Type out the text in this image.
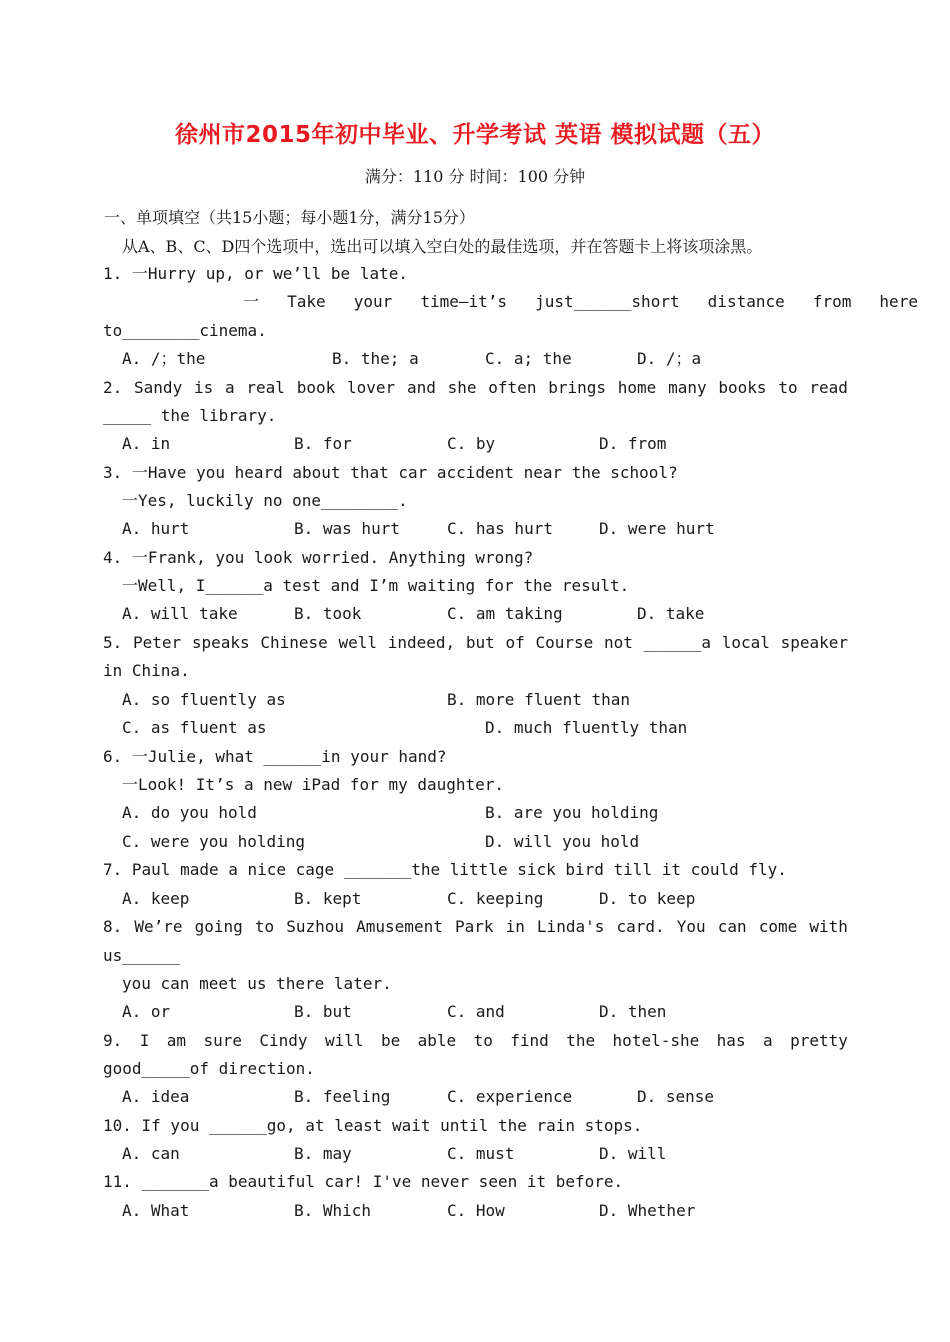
徐州市2015年初中毕业、升学考试 英语 模拟试题（五）
满分：110 分 时间：100 分钟
一、单项填空（共15小题；每小题1分，满分15分）
从A、B、C、D四个选项中，选出可以填入空白处的最佳选项，并在答题卡上将该项涂黑。
1. 一Hurry up, or we’ll be late.
一 Take your time—it’s just______short distance from here
to________cinema.
A. /；the	B. the; a	C. a; the	D. /；a
2. Sandy is a real book lover and she often brings home many books to read
_____ the library.
A. in	B. for	C. by	D. from
3. 一Have you heard about that car accident near the school?
一Yes, luckily no one________.
A. hurt	B. was hurt	C. has hurt	D. were hurt
4. 一Frank, you look worried. Anything wrong?
一Well, I______a test and I’m waiting for the result.
A. will take	B. took	C. am taking	D. take
5. Peter speaks Chinese well indeed, but of Course not ______a local speaker
in China.
A. so fluently as	B. more fluent than
C. as fluent as	D. much fluently than
6. 一Julie, what ______in your hand?
一Look! It’s a new iPad for my daughter.
A. do you hold	B. are you holding
C. were you holding	D. will you hold
7. Paul made a nice cage _______the little sick bird till it could fly.
A. keep	B. kept	C. keeping	D. to keep
8. We’re going to Suzhou Amusement Park in Linda's card. You can come with
us______
you can meet us there later.
A. or	B. but	C. and	D. then
9. I am sure Cindy will be able to find the hotel-she has a pretty
good_____of direction.
A. idea	B. feeling	C. experience	D. sense
10. If you ______go, at least wait until the rain stops.
A. can	B. may	C. must	D. will
11. _______a beautiful car! I've never seen it before.
A. What	B. Which	C. How	D. Whether
